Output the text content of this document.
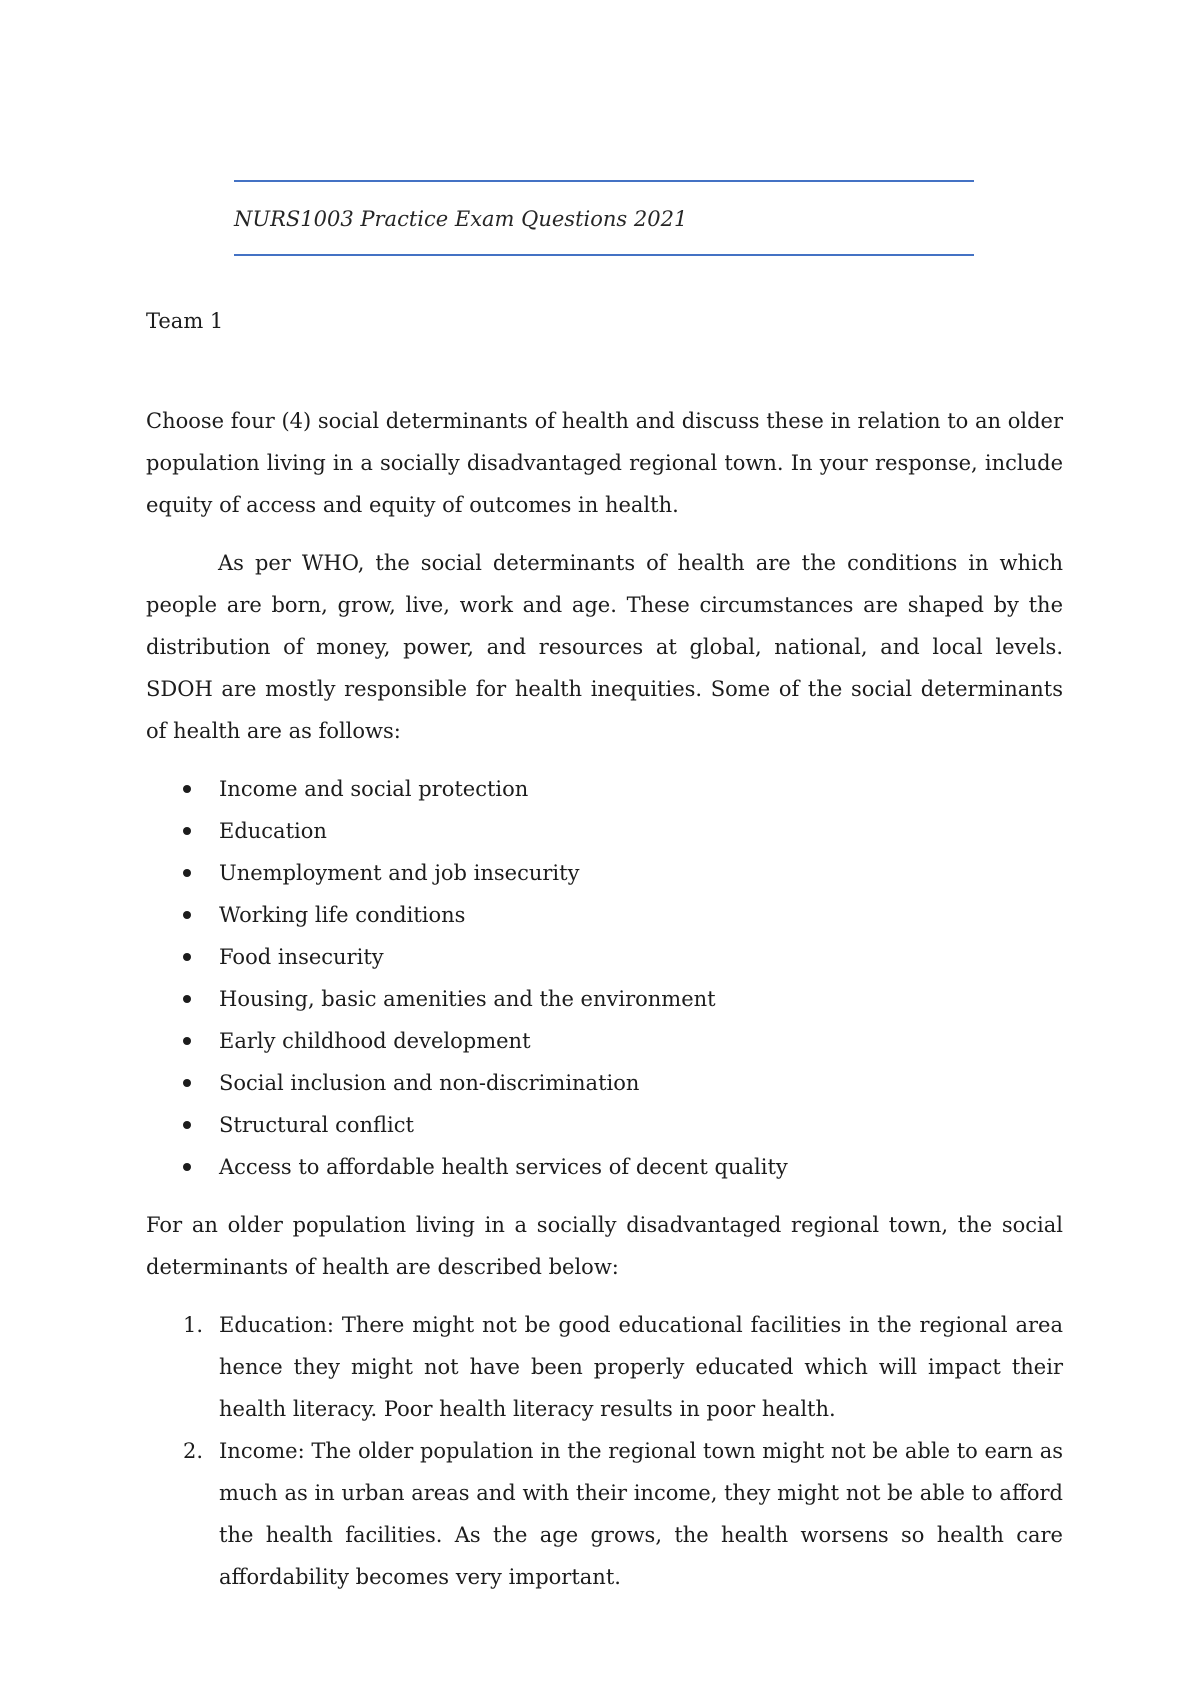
NURS1003 Practice Exam Questions 2021

Team 1

Choose four (4) social determinants of health and discuss these in relation to an older population living in a socially disadvantaged regional town. In your response, include equity of access and equity of outcomes in health.

As per WHO, the social determinants of health are the conditions in which people are born, grow, live, work and age. These circumstances are shaped by the distribution of money, power, and resources at global, national, and local levels. SDOH are mostly responsible for health inequities. Some of the social determinants of health are as follows:

Income and social protection
Education
Unemployment and job insecurity
Working life conditions
Food insecurity
Housing, basic amenities and the environment
Early childhood development
Social inclusion and non-discrimination
Structural conflict
Access to affordable health services of decent quality

For an older population living in a socially disadvantaged regional town, the social determinants of health are described below:

1. Education: There might not be good educational facilities in the regional area hence they might not have been properly educated which will impact their health literacy. Poor health literacy results in poor health.
2. Income: The older population in the regional town might not be able to earn as much as in urban areas and with their income, they might not be able to afford the health facilities. As the age grows, the health worsens so health care affordability becomes very important.
